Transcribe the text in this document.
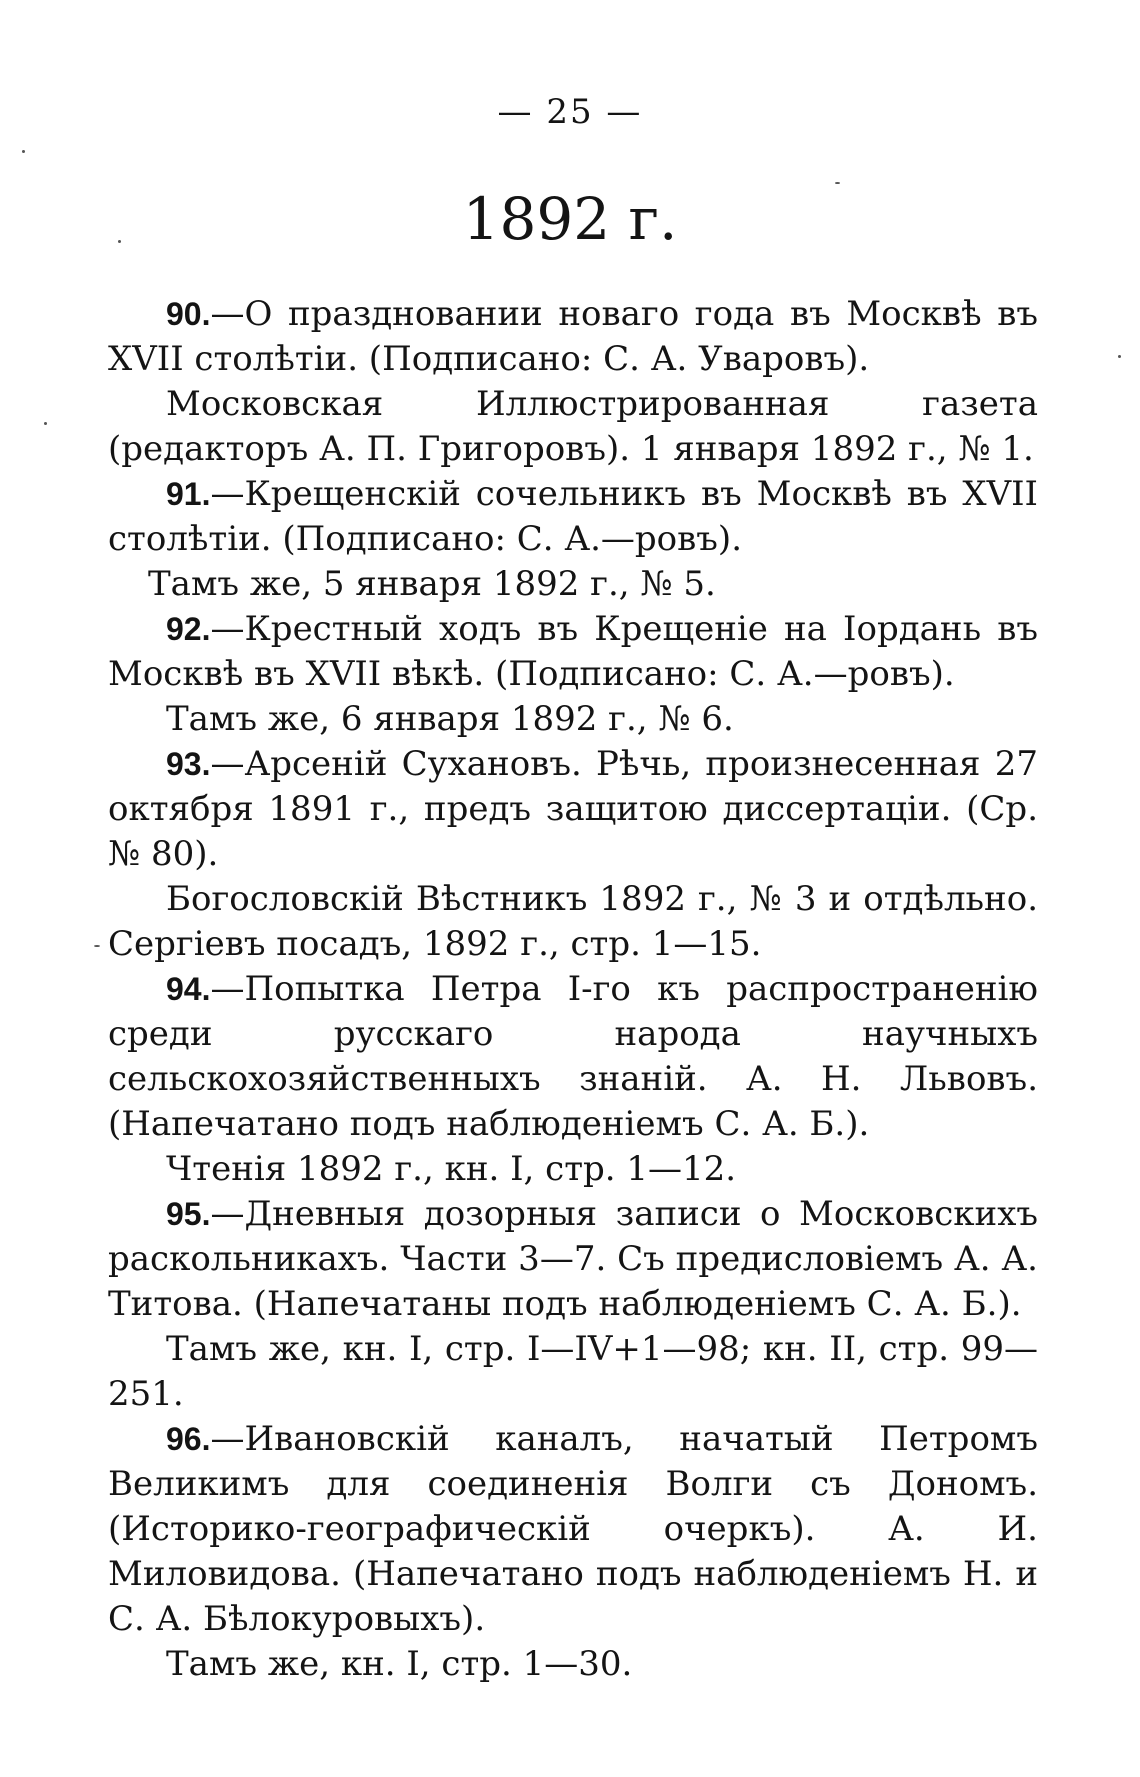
— 25 —
1892 г.

90.—О праздновании новаго года въ Москвѣ въ XVII столѣтiи. (Подписано: С. А. Уваровъ).

Московская Иллюстрированная газета (редакторъ А. П. Григоровъ). 1 января 1892 г., № 1.

91.—Крещенскiй сочельникъ въ Москвѣ въ XVII столѣтiи. (Подписано: С. А.—ровъ).

Тамъ же, 5 января 1892 г., № 5.

92.—Крестный ходъ въ Крещенiе на Iордань въ Москвѣ въ XVII вѣкѣ. (Подписано: С. А.—ровъ).

Тамъ же, 6 января 1892 г., № 6.

93.—Арсенiй Сухановъ. Рѣчь, произнесенная 27 октября 1891 г., предъ защитою диссертацiи. (Ср. № 80).

Богословскiй Вѣстникъ 1892 г., № 3 и отдѣльно. Сергiевъ посадъ, 1892 г., стр. 1—15.

94.—Попытка Петра I-го къ распространенiю среди русскаго народа научныхъ сельскохозяйственныхъ знанiй. А. Н. Львовъ. (Напечатано подъ наблюденiемъ С. А. Б.).

Чтенiя 1892 г., кн. I, стр. 1—12.

95.—Дневныя дозорныя записи о Московскихъ раскольникахъ. Части 3—7. Съ предисловiемъ А. А. Титова. (Напечатаны подъ наблюденiемъ С. А. Б.).

Тамъ же, кн. I, стр. I—IV+1—98; кн. II, стр. 99—251.

96.—Ивановскiй каналъ, начатый Петромъ Великимъ для соединенiя Волги съ Дономъ. (Историко-географическiй очеркъ). А. И. Миловидова. (Напечатано подъ наблюденiемъ Н. и С. А. Бѣлокуровыхъ).

Тамъ же, кн. I, стр. 1—30.
